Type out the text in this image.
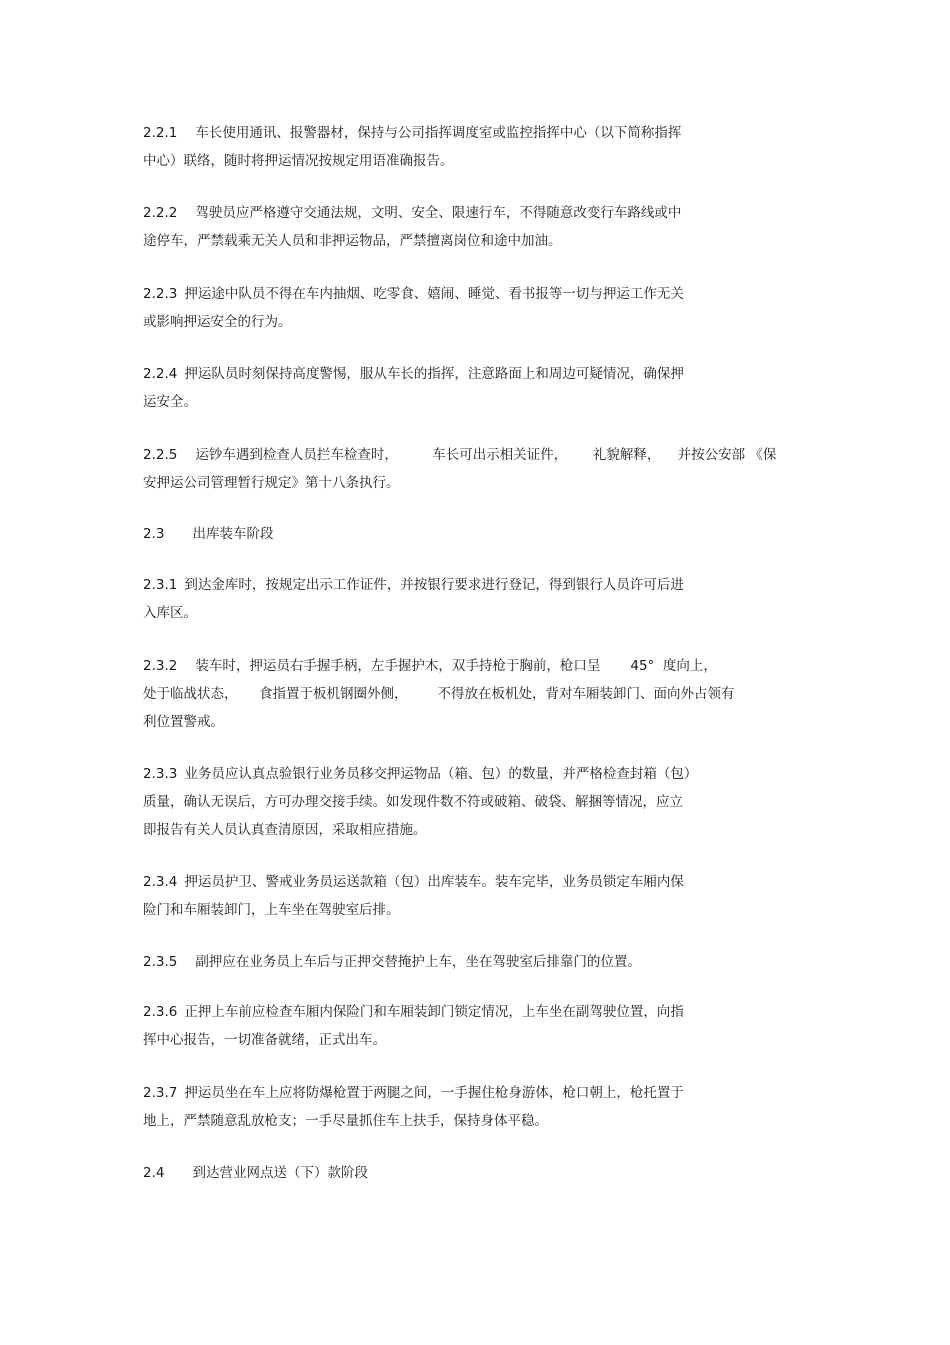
2.2.1 车长使用通讯、报警器材，保持与公司指挥调度室或监控指挥中心（以下简称指挥
中心）联络，随时将押运情况按规定用语准确报告。
2.2.2 驾驶员应严格遵守交通法规，文明、安全、限速行车，不得随意改变行车路线或中
途停车，严禁载乘无关人员和非押运物品，严禁擅离岗位和途中加油。
2.2.3 押运途中队员不得在车内抽烟、吃零食、嬉闹、睡觉、看书报等一切与押运工作无关
或影响押运安全的行为。
2.2.4 押运队员时刻保持高度警惕，服从车长的指挥，注意路面上和周边可疑情况，确保押
运安全。
2.2.5 运钞车遇到检查人员拦车检查时，        车长可出示相关证件，      礼貌解释，    并按公安部 《保
安押运公司管理暂行规定》第十八条执行。
2.3 出库装车阶段
2.3.1 到达金库时，按规定出示工作证件，并按银行要求进行登记，得到银行人员许可后进
入库区。
2.3.2 装车时，押运员右手握手柄，左手握护木，双手持枪于胸前，枪口呈       45°  度向上，
处于临战状态，     食指置于板机钢圈外侧，       不得放在板机处，背对车厢装卸门、面向外占领有
利位置警戒。
2.3.3 业务员应认真点验银行业务员移交押运物品（箱、包）的数量，并严格检查封箱（包）
质量，确认无误后，方可办理交接手续。如发现件数不符或破箱、破袋、解捆等情况，应立
即报告有关人员认真查清原因，采取相应措施。
2.3.4 押运员护卫、警戒业务员运送款箱（包）出库装车。装车完毕，业务员锁定车厢内保
险门和车厢装卸门，上车坐在驾驶室后排。
2.3.5 副押应在业务员上车后与正押交替掩护上车，坐在驾驶室后排靠门的位置。
2.3.6 正押上车前应检查车厢内保险门和车厢装卸门锁定情况，上车坐在副驾驶位置，向指
挥中心报告，一切准备就绪，正式出车。
2.3.7 押运员坐在车上应将防爆枪置于两腿之间，一手握住枪身游体，枪口朝上，枪托置于
地上，严禁随意乱放枪支；一手尽量抓住车上扶手，保持身体平稳。
2.4 到达营业网点送（下）款阶段
